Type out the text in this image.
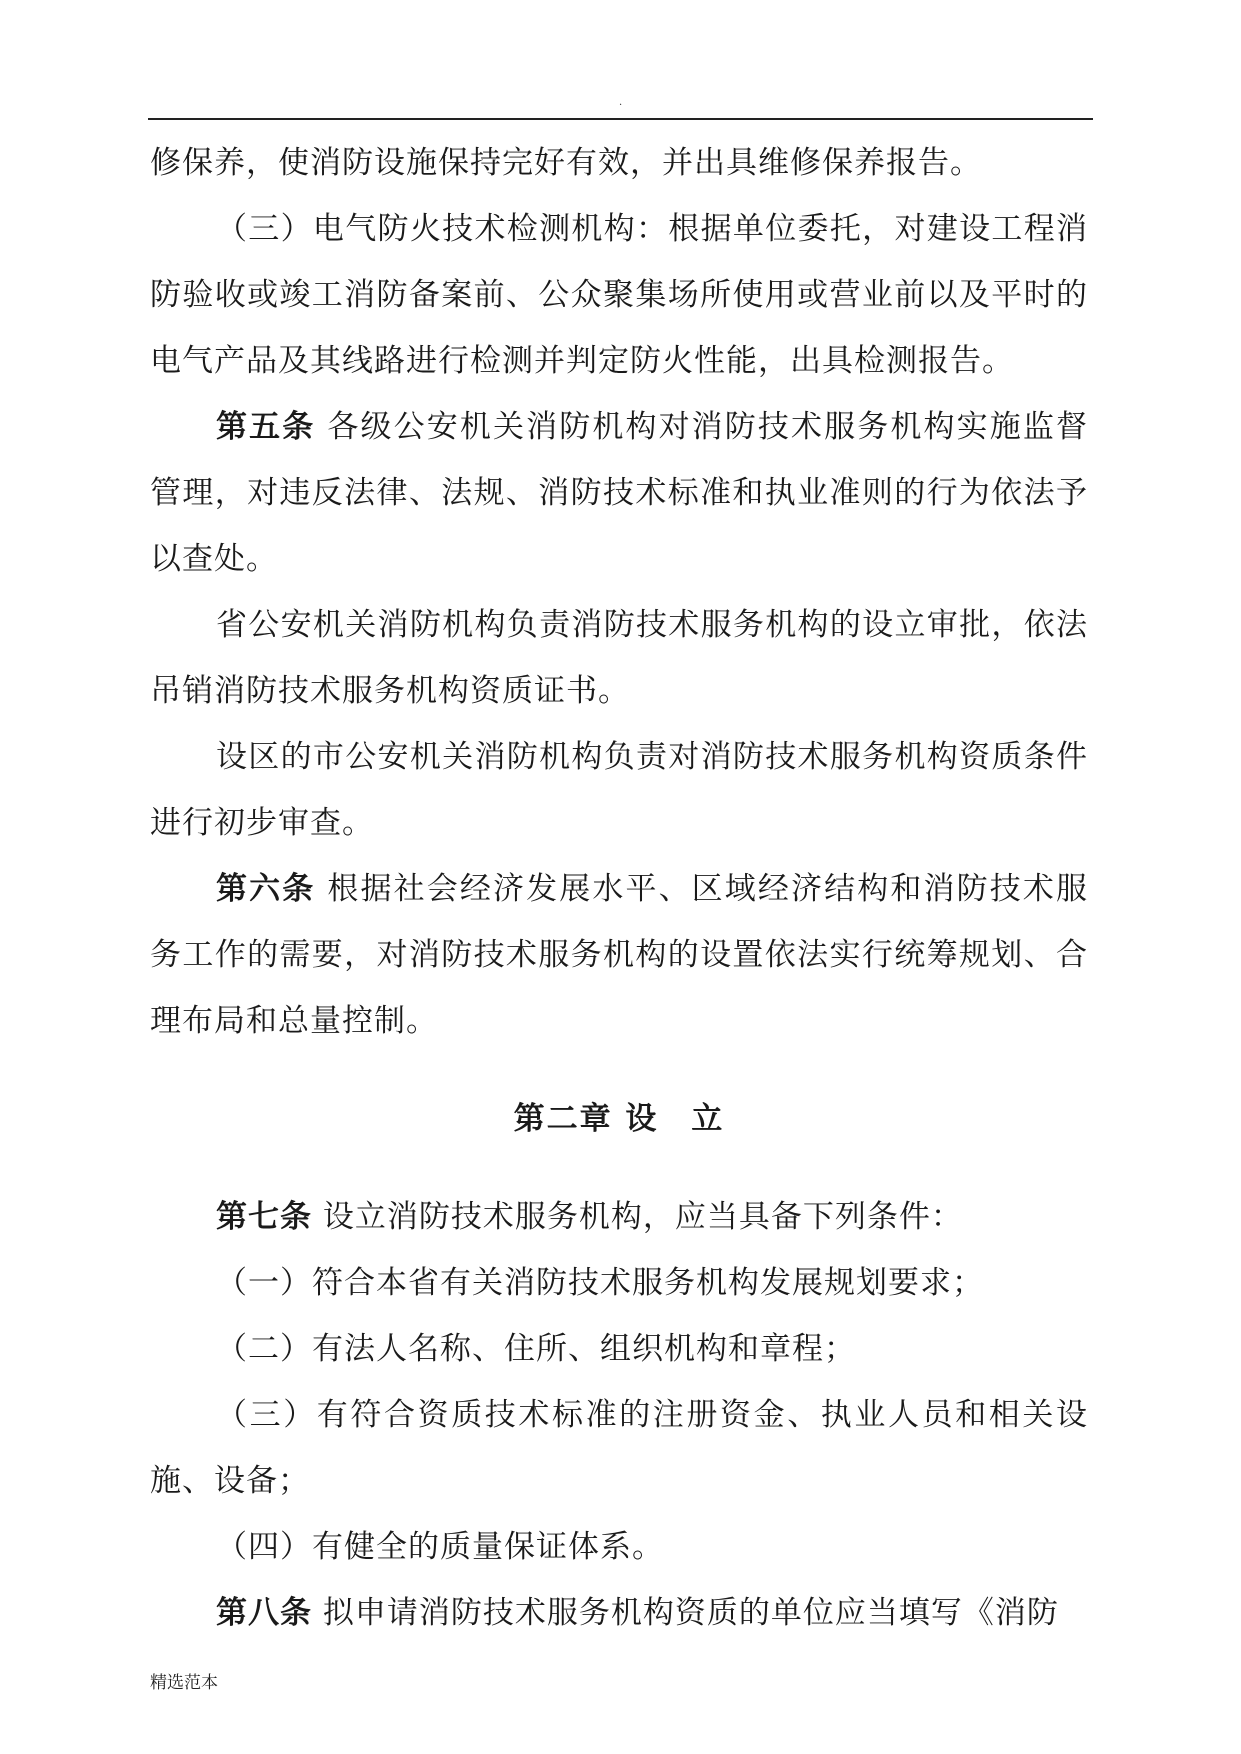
.

修保养，使消防设施保持完好有效，并出具维修保养报告。

（三）电气防火技术检测机构：根据单位委托，对建设工程消防验收或竣工消防备案前、公众聚集场所使用或营业前以及平时的电气产品及其线路进行检测并判定防火性能，出具检测报告。

第五条 各级公安机关消防机构对消防技术服务机构实施监督管理，对违反法律、法规、消防技术标准和执业准则的行为依法予以查处。

省公安机关消防机构负责消防技术服务机构的设立审批，依法吊销消防技术服务机构资质证书。

设区的市公安机关消防机构负责对消防技术服务机构资质条件进行初步审查。

第六条 根据社会经济发展水平、区域经济结构和消防技术服务工作的需要，对消防技术服务机构的设置依法实行统筹规划、合理布局和总量控制。

第二章 设　立

第七条 设立消防技术服务机构，应当具备下列条件：

（一）符合本省有关消防技术服务机构发展规划要求；

（二）有法人名称、住所、组织机构和章程；

（三）有符合资质技术标准的注册资金、执业人员和相关设施、设备；

（四）有健全的质量保证体系。

第八条 拟申请消防技术服务机构资质的单位应当填写《消防

精选范本
